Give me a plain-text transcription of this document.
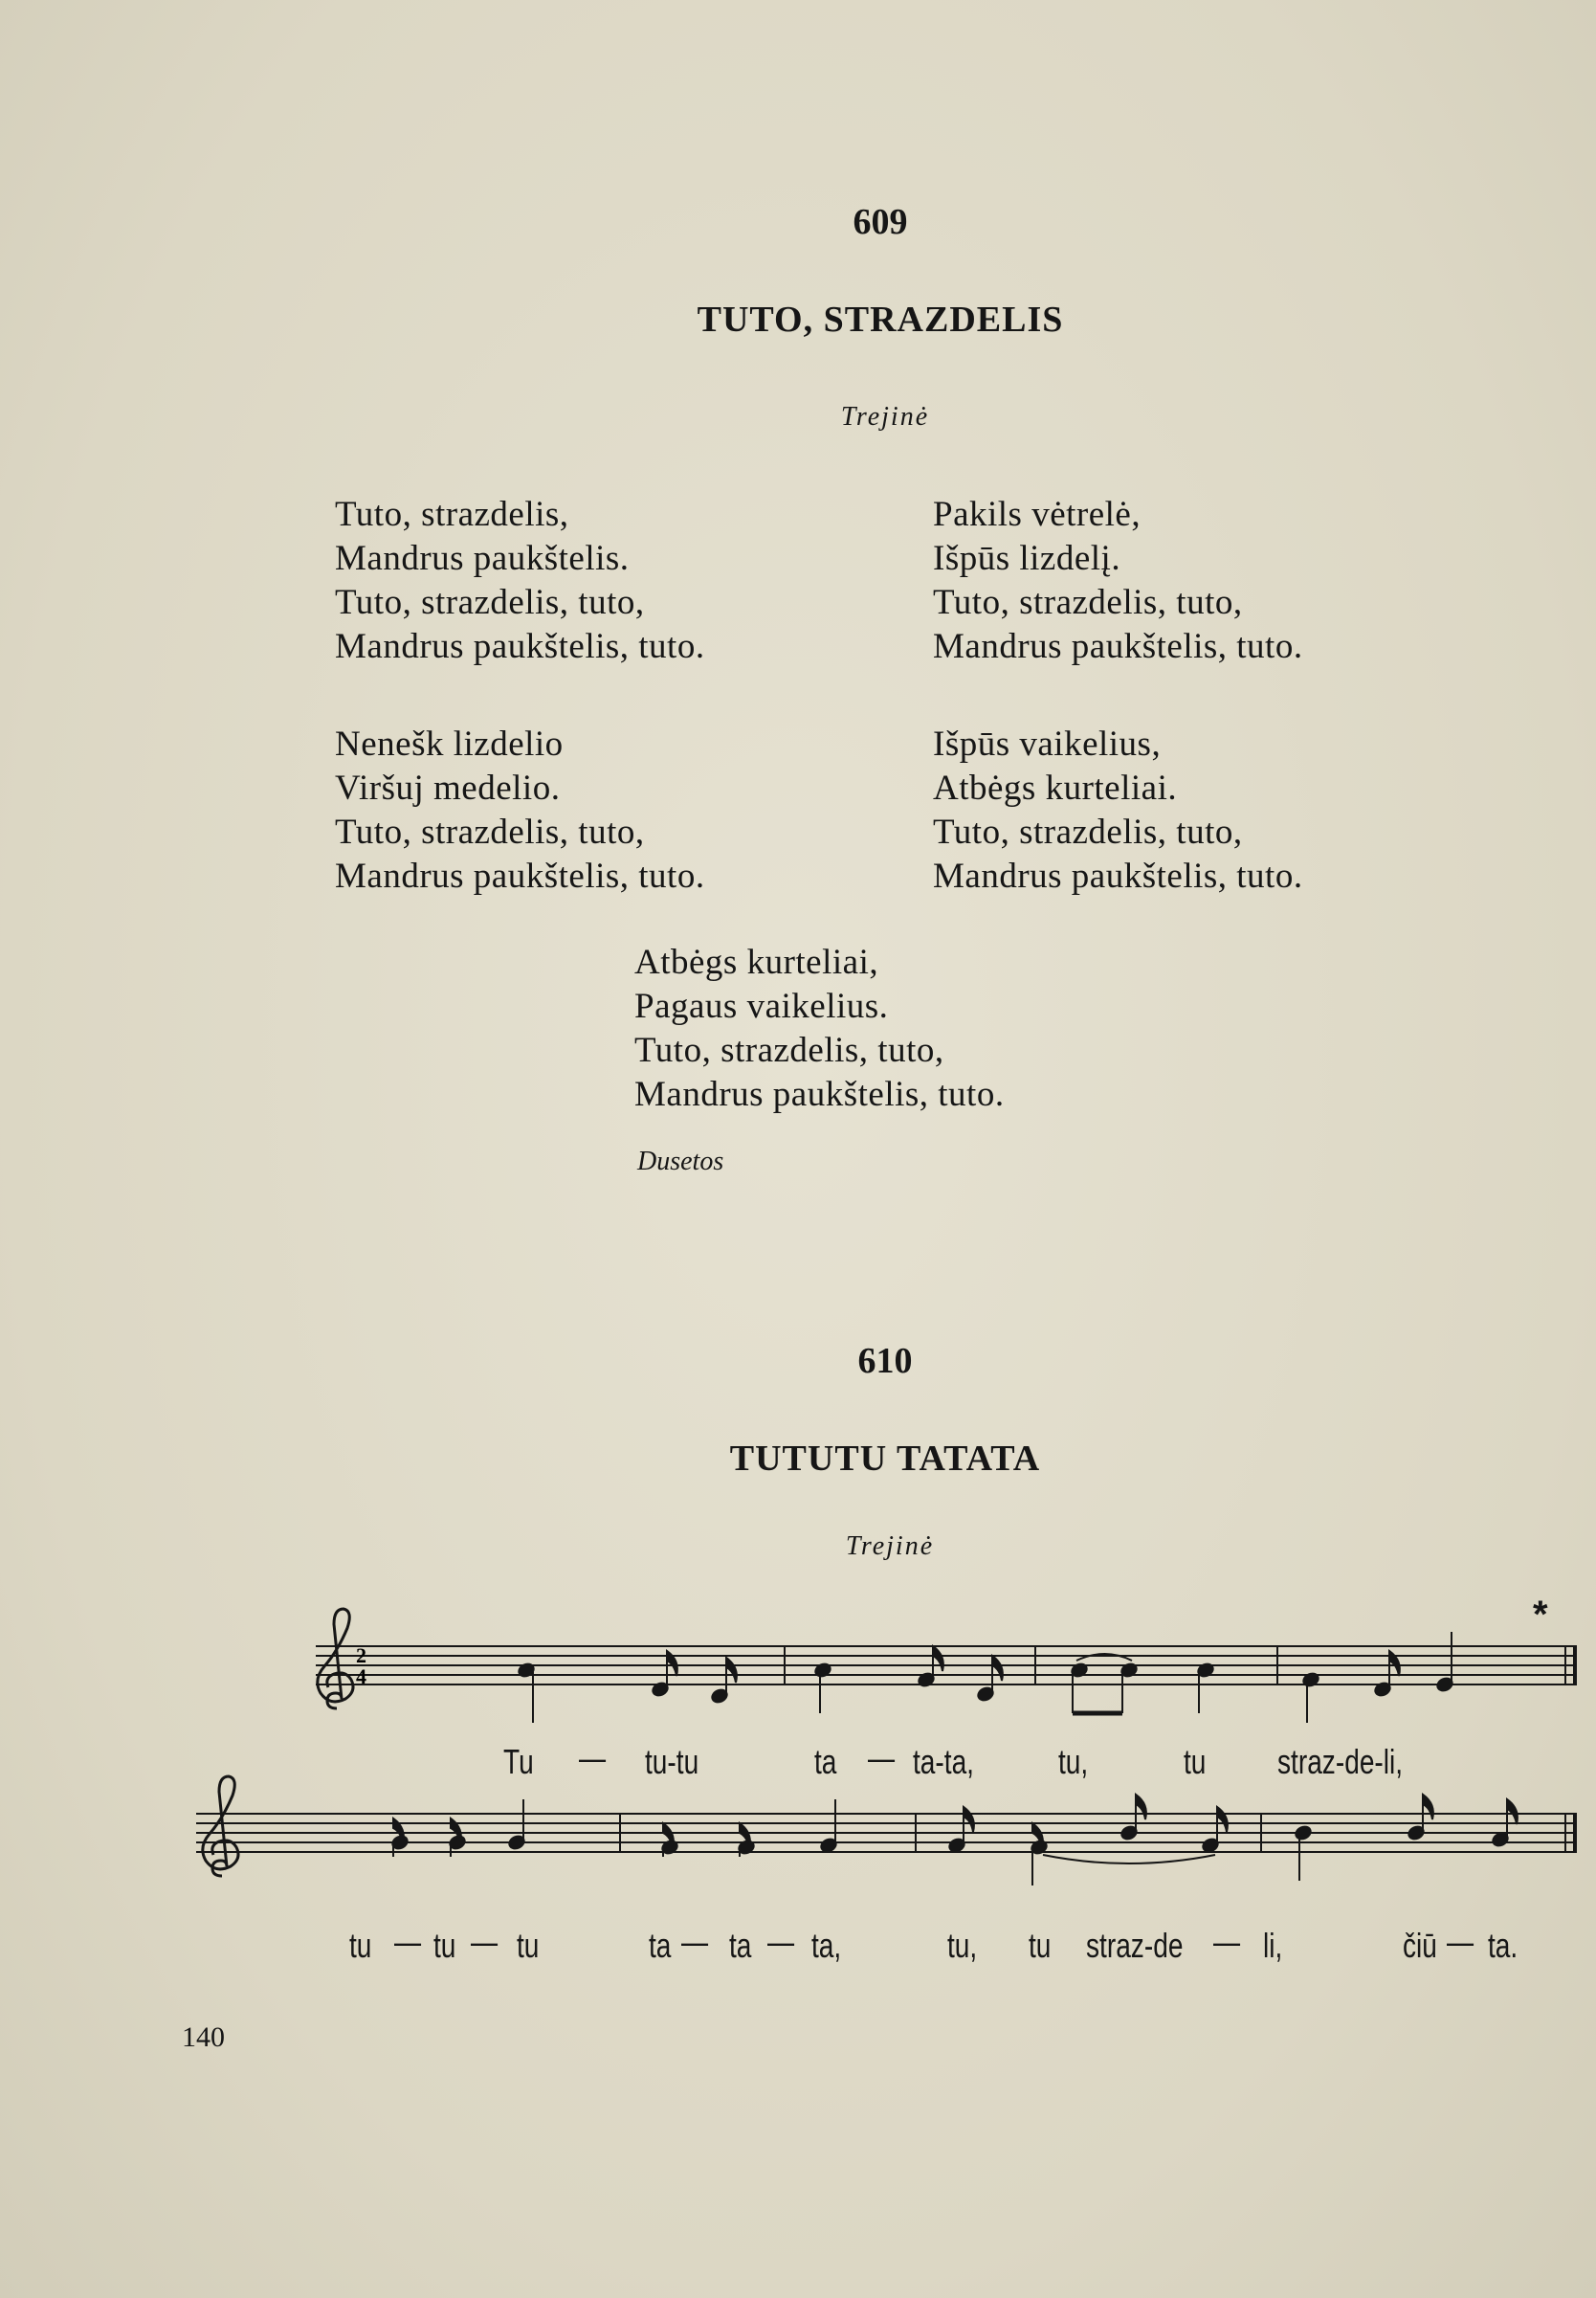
609
TUTO, STRAZDELIS
Trejinė
Tuto, strazdelis,
Mandrus paukštelis.
Tuto, strazdelis, tuto,
Mandrus paukštelis, tuto.
Pakils vėtrelė,
Išpūs lizdelį.
Tuto, strazdelis, tuto,
Mandrus paukštelis, tuto.
Nenešk lizdelio
Viršuj medelio.
Tuto, strazdelis, tuto,
Mandrus paukštelis, tuto.
Išpūs vaikelius,
Atbėgs kurteliai.
Tuto, strazdelis, tuto,
Mandrus paukštelis, tuto.
Atbėgs kurteliai,
Pagaus vaikelius.
Tuto, strazdelis, tuto,
Mandrus paukštelis, tuto.
Dusetos
610
TUTUTU TATATA
Trejinė
2
4
*
Tu — tu-tu	ta — ta-ta, tu,	tu straz-de-li,
tu — tu — tu	ta — ta — ta,	tu, tu straz-de — li,	čiū — ta.
140
